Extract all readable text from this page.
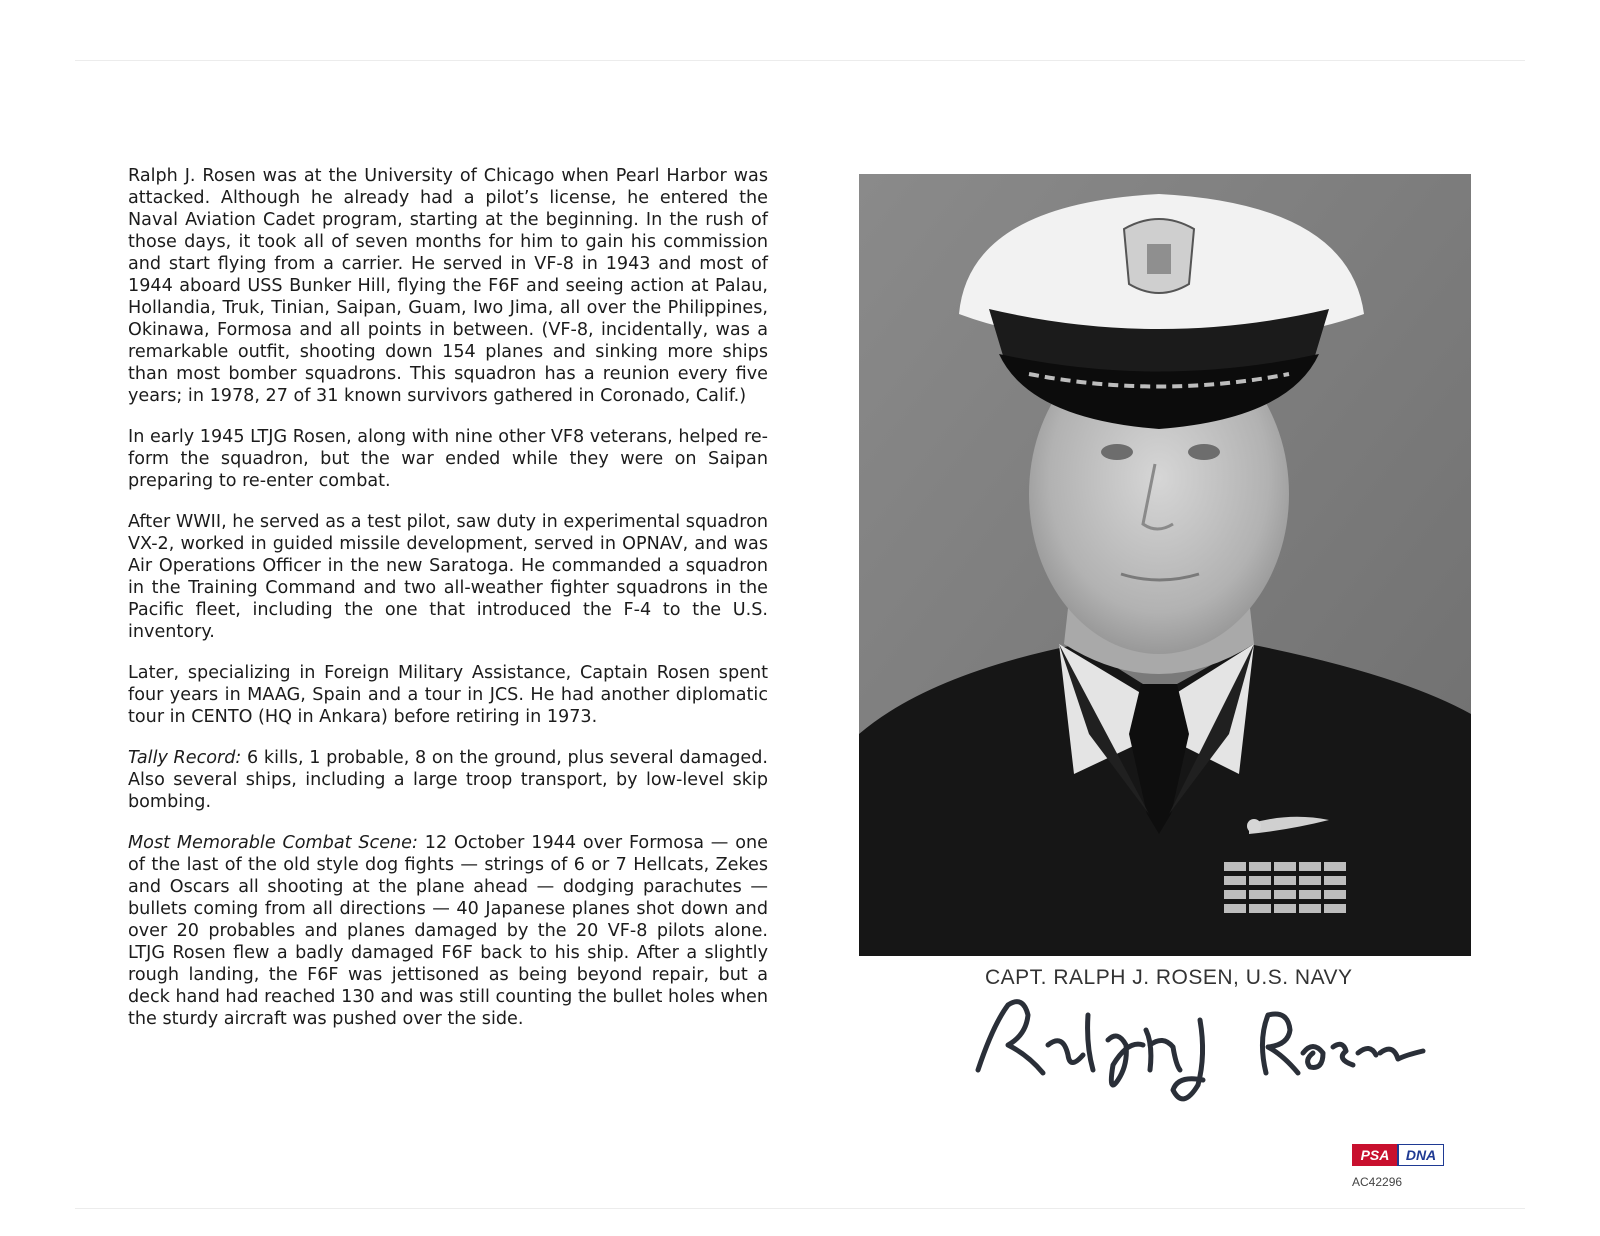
Ralph J. Rosen was at the University of Chicago when Pearl Harbor was attacked. Although he already had a pilot’s license, he entered the Naval Aviation Cadet program, starting at the beginning. In the rush of those days, it took all of seven months for him to gain his commission and start flying from a carrier. He served in VF-8 in 1943 and most of 1944 aboard USS Bunker Hill, flying the F6F and seeing action at Palau, Hollandia, Truk, Tinian, Saipan, Guam, Iwo Jima, all over the Philippines, Okinawa, Formosa and all points in between. (VF-8, incidentally, was a remarkable outfit, shooting down 154 planes and sinking more ships than most bomber squadrons. This squadron has a reunion every five years; in 1978, 27 of 31 known survivors gathered in Coronado, Calif.)

In early 1945 LTJG Rosen, along with nine other VF8 veterans, helped re-form the squadron, but the war ended while they were on Saipan preparing to re-enter combat.

After WWII, he served as a test pilot, saw duty in experimental squadron VX-2, worked in guided missile development, served in OPNAV, and was Air Operations Officer in the new Saratoga. He commanded a squadron in the Training Command and two all-weather fighter squadrons in the Pacific fleet, including the one that introduced the F-4 to the U.S. inventory.

Later, specializing in Foreign Military Assistance, Captain Rosen spent four years in MAAG, Spain and a tour in JCS. He had another diplomatic tour in CENTO (HQ in Ankara) before retiring in 1973.

Tally Record: 6 kills, 1 probable, 8 on the ground, plus several damaged. Also several ships, including a large troop transport, by low-level skip bombing.

Most Memorable Combat Scene: 12 October 1944 over Formosa — one of the last of the old style dog fights — strings of 6 or 7 Hellcats, Zekes and Oscars all shooting at the plane ahead — dodging parachutes — bullets coming from all directions — 40 Japanese planes shot down and over 20 probables and planes damaged by the 20 VF-8 pilots alone. LTJG Rosen flew a badly damaged F6F back to his ship. After a slightly rough landing, the F6F was jettisoned as being beyond repair, but a deck hand had reached 130 and was still counting the bullet holes when the sturdy aircraft was pushed over the side.

CAPT. RALPH J. ROSEN, U.S. NAVY
PSA DNA
AC42296
